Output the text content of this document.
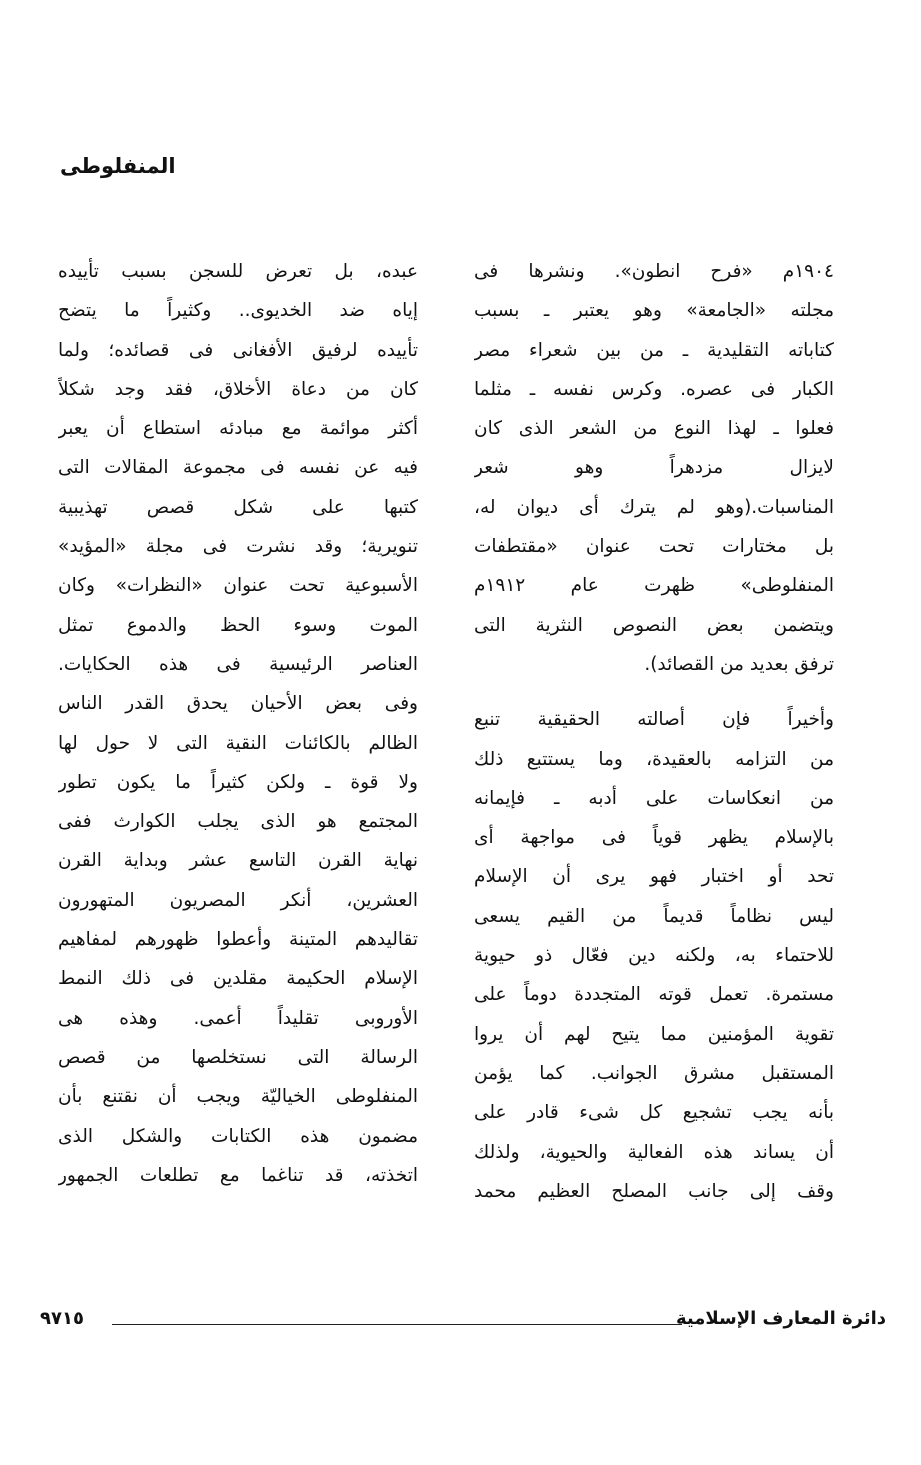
المنفلوطى
١٩٠٤م «فرح انطون». ونشرها فى
مجلته «الجامعة» وهو يعتبر ـ بسبب
كتاباته التقليدية ـ من بين شعراء مصر
الكبار فى عصره. وكرس نفسه ـ مثلما
فعلوا ـ لهذا النوع من الشعر الذى كان
لايزال مزدهراً وهو شعر
المناسبات.(وهو لم يترك أى ديوان له،
بل مختارات تحت عنوان «مقتطفات
المنفلوطى» ظهرت عام ١٩١٢م
ويتضمن بعض النصوص النثرية التى
ترفق بعديد من القصائد).
وأخيراً فإن أصالته الحقيقية تنبع
من التزامه بالعقيدة، وما يستتبع ذلك
من انعكاسات على أدبه ـ فإيمانه
بالإسلام يظهر قوياً فى مواجهة أى
تحد أو اختبار فهو يرى أن الإسلام
ليس نظاماً قديماً من القيم يسعى
للاحتماء به، ولكنه دين فعّال ذو حيوية
مستمرة. تعمل قوته المتجددة دوماً على
تقوية المؤمنين مما يتيح لهم أن يروا
المستقبل مشرق الجوانب. كما يؤمن
بأنه يجب تشجيع كل شىء قادر على
أن يساند هذه الفعالية والحيوية، ولذلك
وقف إلى جانب المصلح العظيم محمد
عبده، بل تعرض للسجن بسبب تأييده
إياه ضد الخديوى.. وكثيراً ما يتضح
تأييده لرفيق الأفغانى فى قصائده؛ ولما
كان من دعاة الأخلاق، فقد وجد شكلاً
أكثر موائمة مع مبادئه استطاع أن يعبر
فيه عن نفسه فى مجموعة المقالات التى
كتبها على شكل قصص تهذيبية
تنويرية؛ وقد نشرت فى مجلة «المؤيد»
الأسبوعية تحت عنوان «النظرات» وكان
الموت وسوء الحظ والدموع تمثل
العناصر الرئيسية فى هذه الحكايات.
وفى بعض الأحيان يحدق القدر الناس
الظالم بالكائنات النقية التى لا حول لها
ولا قوة ـ ولكن كثيراً ما يكون تطور
المجتمع هو الذى يجلب الكوارث ففى
نهاية القرن التاسع عشر وبداية القرن
العشرين، أنكر المصريون المتهورون
تقاليدهم المتينة وأعطوا ظهورهم لمفاهيم
الإسلام الحكيمة مقلدين فى ذلك النمط
الأوروبى تقليداً أعمى. وهذه هى
الرسالة التى نستخلصها من قصص
المنفلوطى الخياليّة ويجب أن نقتنع بأن
مضمون هذه الكتابات والشكل الذى
اتخذته، قد تناغما مع تطلعات الجمهور
٩٧١٥	دائرة المعارف الإسلامية
